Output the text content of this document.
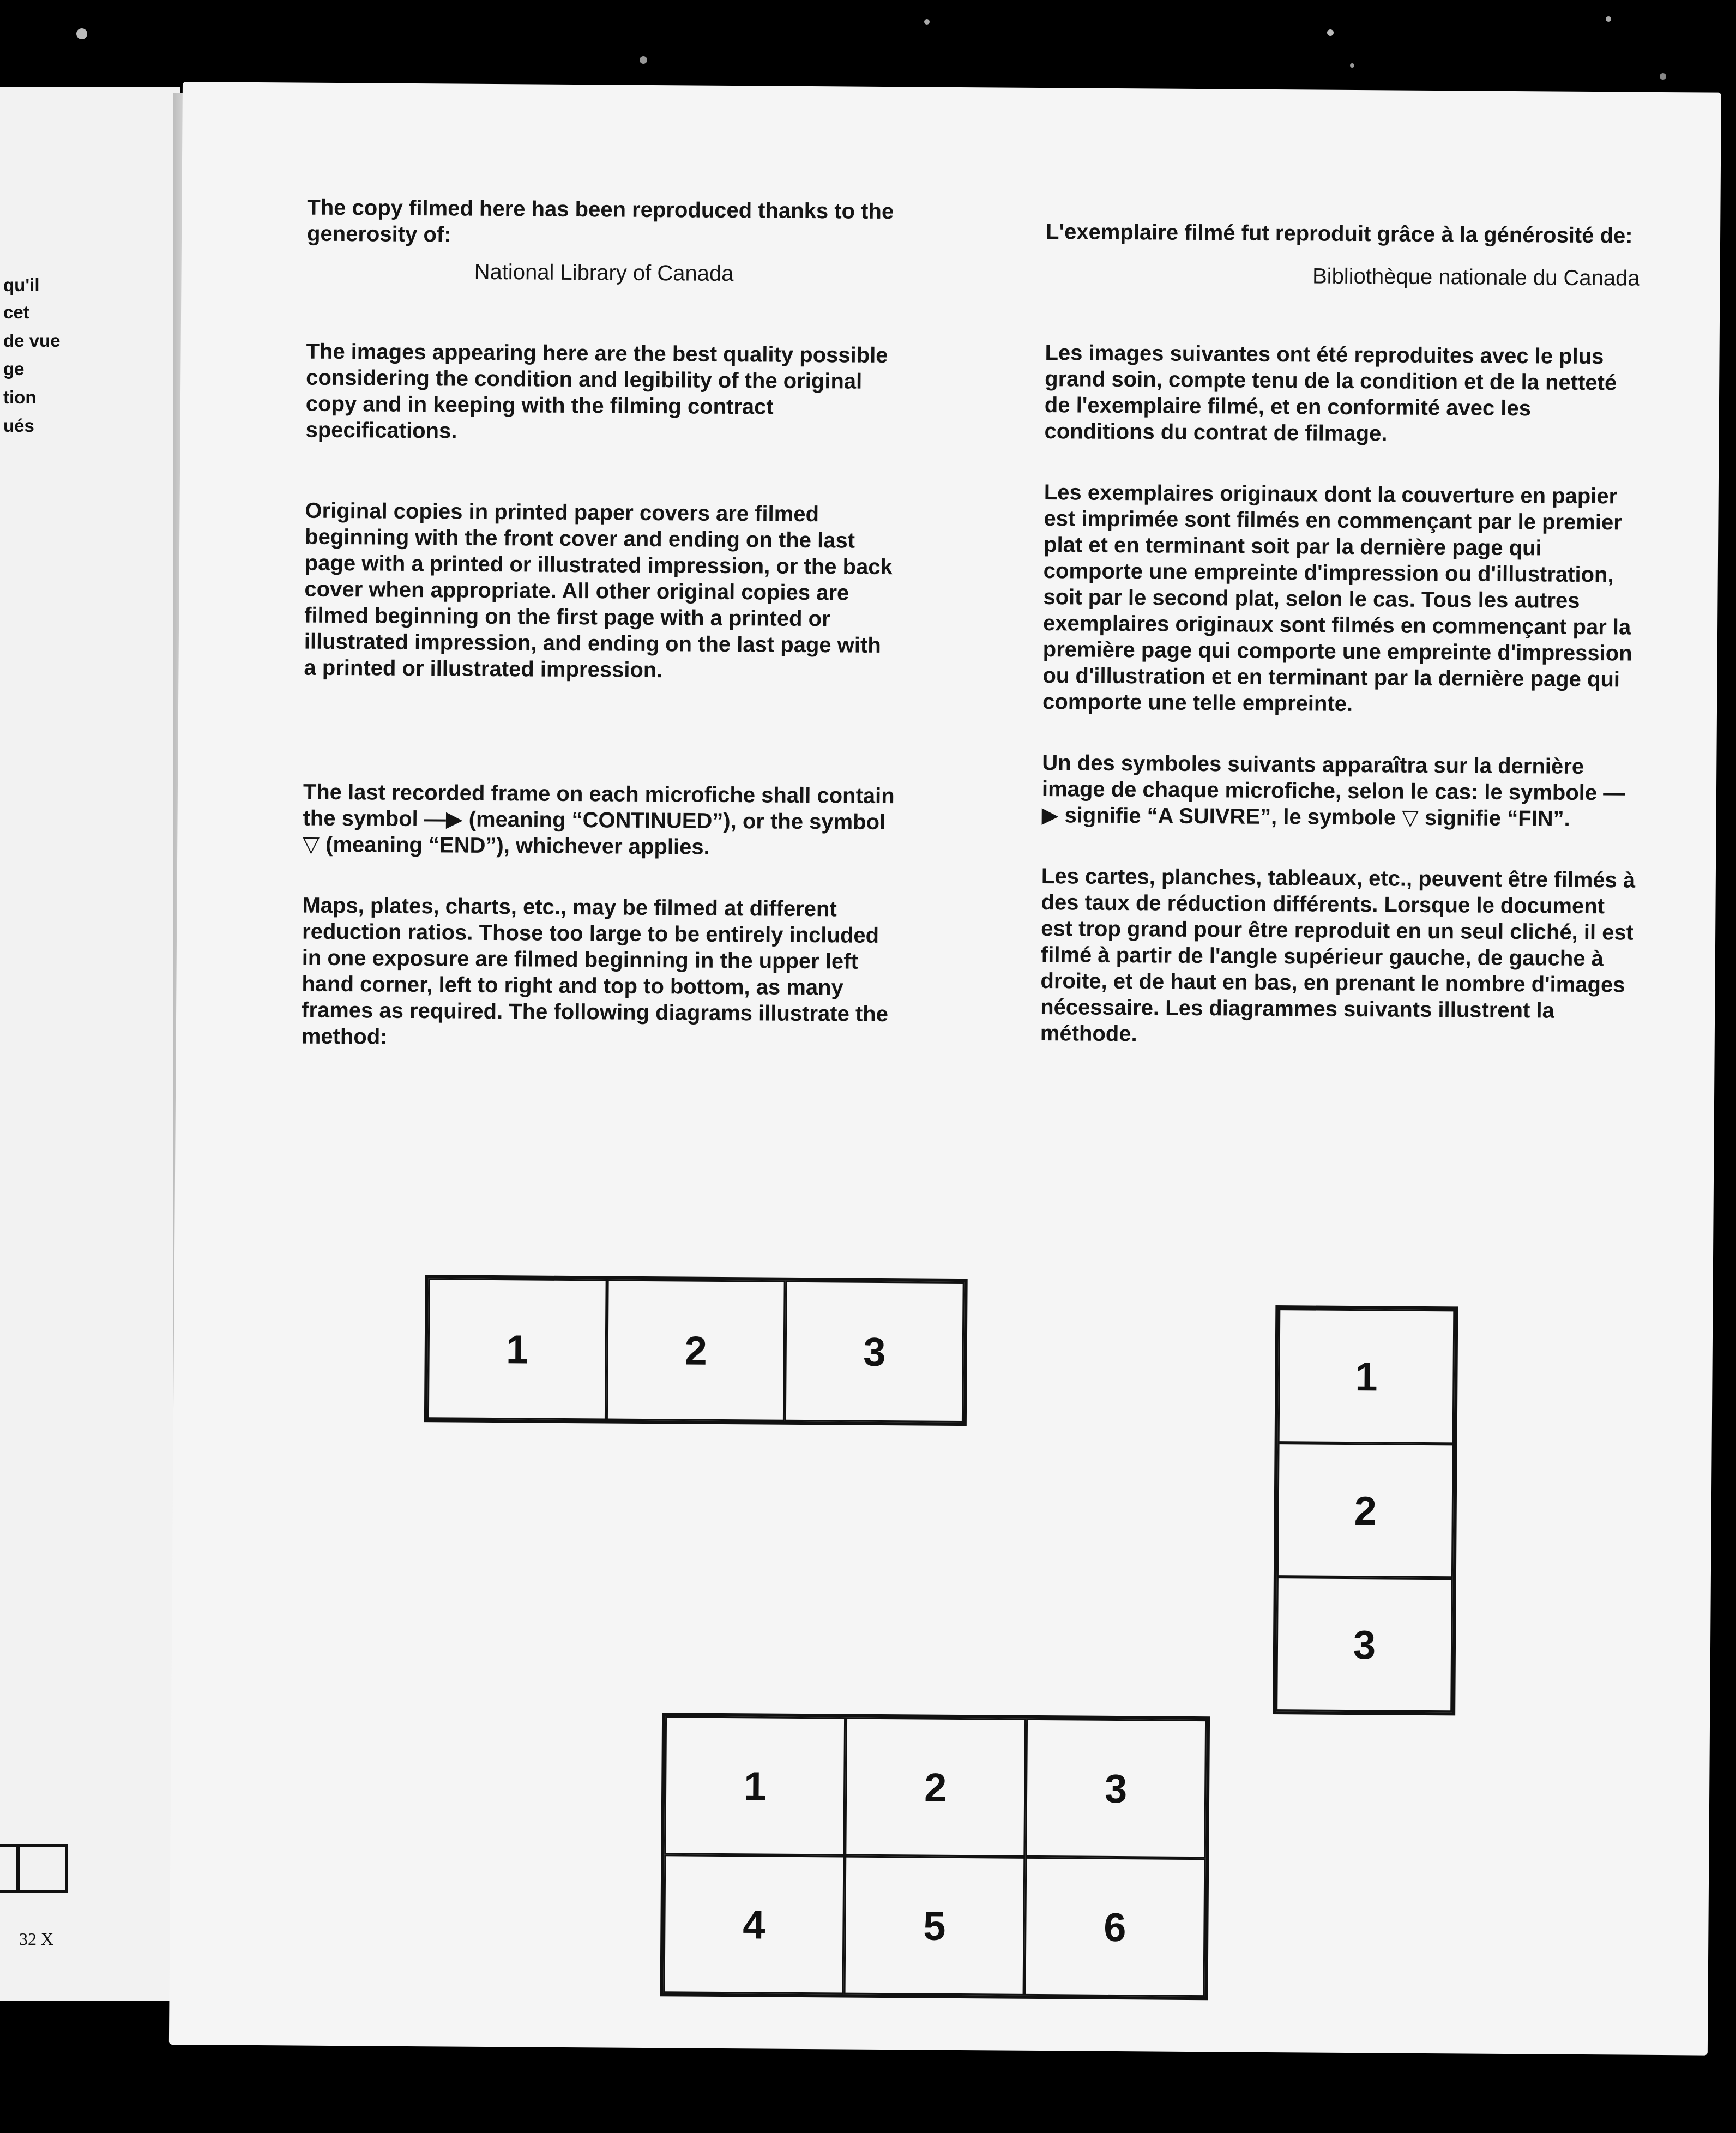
qu'il
cet
de vue
ge
tion
ués
32 X

The copy filmed here has been reproduced thanks to the generosity of:

National Library of Canada

The images appearing here are the best quality possible considering the condition and legibility of the original copy and in keeping with the filming contract specifications.

Original copies in printed paper covers are filmed beginning with the front cover and ending on the last page with a printed or illustrated impression, or the back cover when appropriate. All other original copies are filmed beginning on the first page with a printed or illustrated impression, and ending on the last page with a printed or illustrated impression.

The last recorded frame on each microfiche shall contain the symbol —▶ (meaning “CONTINUED”), or the symbol ▽ (meaning “END”), whichever applies.

Maps, plates, charts, etc., may be filmed at different reduction ratios. Those too large to be entirely included in one exposure are filmed beginning in the upper left hand corner, left to right and top to bottom, as many frames as required. The following diagrams illustrate the method:

L'exemplaire filmé fut reproduit grâce à la générosité de:

Bibliothèque nationale du Canada

Les images suivantes ont été reproduites avec le plus grand soin, compte tenu de la condition et de la netteté de l'exemplaire filmé, et en conformité avec les conditions du contrat de filmage.

Les exemplaires originaux dont la couverture en papier est imprimée sont filmés en commençant par le premier plat et en terminant soit par la dernière page qui comporte une empreinte d'impression ou d'illustration, soit par le second plat, selon le cas. Tous les autres exemplaires originaux sont filmés en commençant par la première page qui comporte une empreinte d'impression ou d'illustration et en terminant par la dernière page qui comporte une telle empreinte.

Un des symboles suivants apparaîtra sur la dernière image de chaque microfiche, selon le cas: le symbole —▶ signifie “A SUIVRE”, le symbole ▽ signifie “FIN”.

Les cartes, planches, tableaux, etc., peuvent être filmés à des taux de réduction différents. Lorsque le document est trop grand pour être reproduit en un seul cliché, il est filmé à partir de l'angle supérieur gauche, de gauche à droite, et de haut en bas, en prenant le nombre d'images nécessaire. Les diagrammes suivants illustrent la méthode.

1	2	3
1
2
3
1	2	3
4	5	6
